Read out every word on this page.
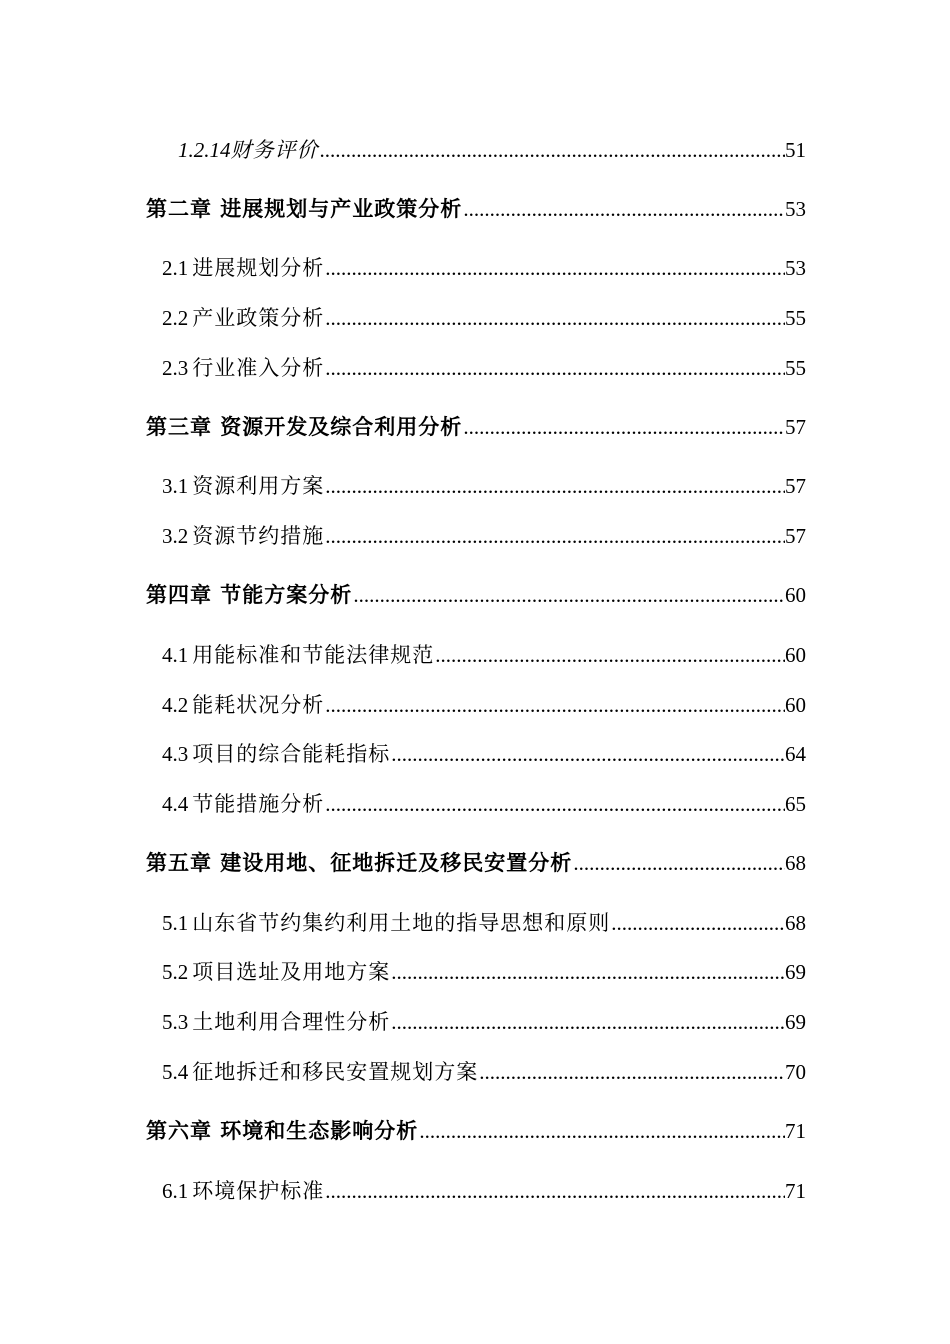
1.2.14 财务评价 .....	51
第二章 进展规划与产业政策分析 .....	53
2.1 进展规划分析 .....	53
2.2 产业政策分析 .....	55
2.3 行业准入分析 .....	55
第三章 资源开发及综合利用分析 .....	57
3.1 资源利用方案 .....	57
3.2 资源节约措施 .....	57
第四章 节能方案分析 .....	60
4.1 用能标准和节能法律规范 .....	60
4.2 能耗状况分析 .....	60
4.3 项目的综合能耗指标 .....	64
4.4 节能措施分析 .....	65
第五章 建设用地、征地拆迁及移民安置分析 .....	68
5.1 山东省节约集约利用土地的指导思想和原则 .....	68
5.2 项目选址及用地方案 .....	69
5.3 土地利用合理性分析 .....	69
5.4 征地拆迁和移民安置规划方案 .....	70
第六章 环境和生态影响分析 .....	71
6.1 环境保护标准 .....	71
